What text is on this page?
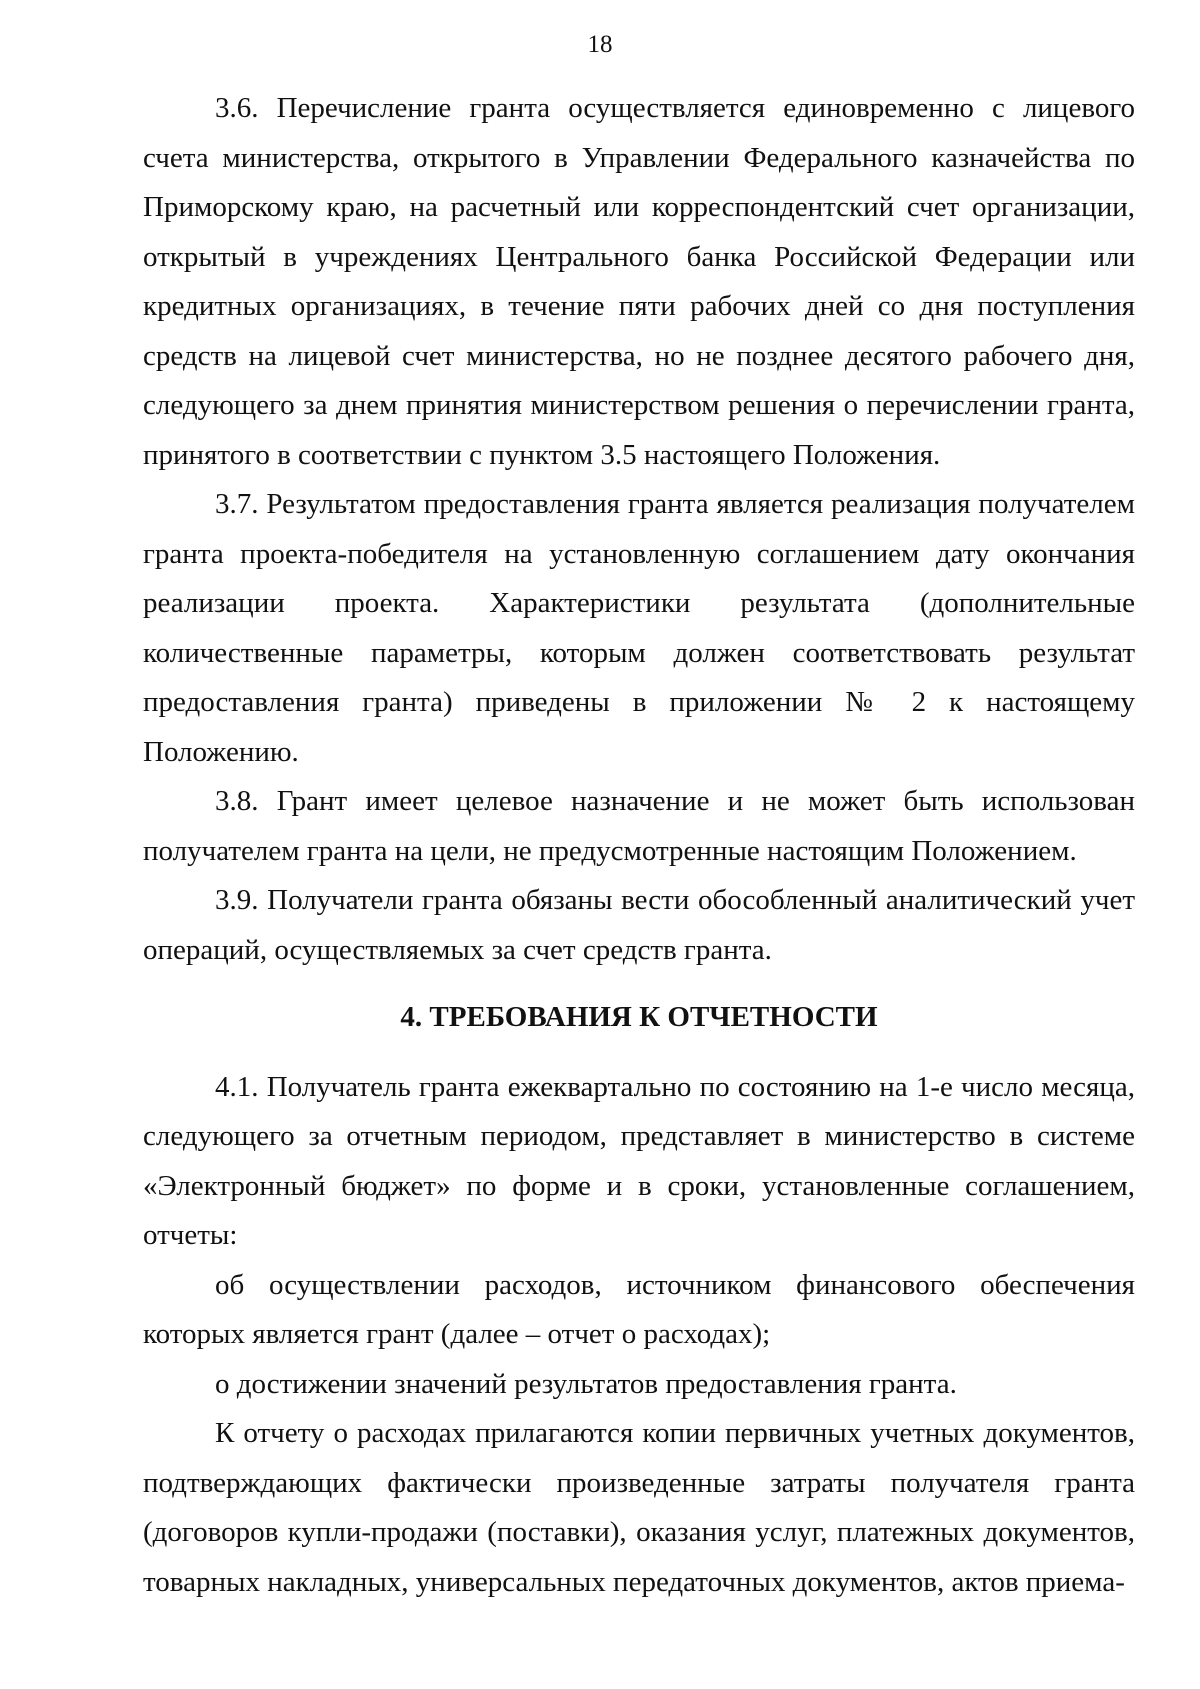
18

3.6. Перечисление гранта осуществляется единовременно с лицевого счета министерства, открытого в Управлении Федерального казначейства по Приморскому краю, на расчетный или корреспондентский счет организации, открытый в учреждениях Центрального банка Российской Федерации или кредитных организациях, в течение пяти рабочих дней со дня поступления средств на лицевой счет министерства, но не позднее десятого рабочего дня, следующего за днем принятия министерством решения о перечислении гранта, принятого в соответствии с пунктом 3.5 настоящего Положения.

3.7. Результатом предоставления гранта является реализация получателем гранта проекта-победителя на установленную соглашением дату окончания реализации проекта. Характеристики результата (дополнительные количественные параметры, которым должен соответствовать результат предоставления гранта) приведены в приложении № 2 к настоящему Положению.

3.8. Грант имеет целевое назначение и не может быть использован получателем гранта на цели, не предусмотренные настоящим Положением.

3.9. Получатели гранта обязаны вести обособленный аналитический учет операций, осуществляемых за счет средств гранта.

4. ТРЕБОВАНИЯ К ОТЧЕТНОСТИ

4.1. Получатель гранта ежеквартально по состоянию на 1-е число месяца, следующего за отчетным периодом, представляет в министерство в системе «Электронный бюджет» по форме и в сроки, установленные соглашением, отчеты:

об осуществлении расходов, источником финансового обеспечения которых является грант (далее – отчет о расходах);

о достижении значений результатов предоставления гранта.

К отчету о расходах прилагаются копии первичных учетных документов, подтверждающих фактически произведенные затраты получателя гранта (договоров купли-продажи (поставки), оказания услуг, платежных документов, товарных накладных, универсальных передаточных документов, актов приема-
